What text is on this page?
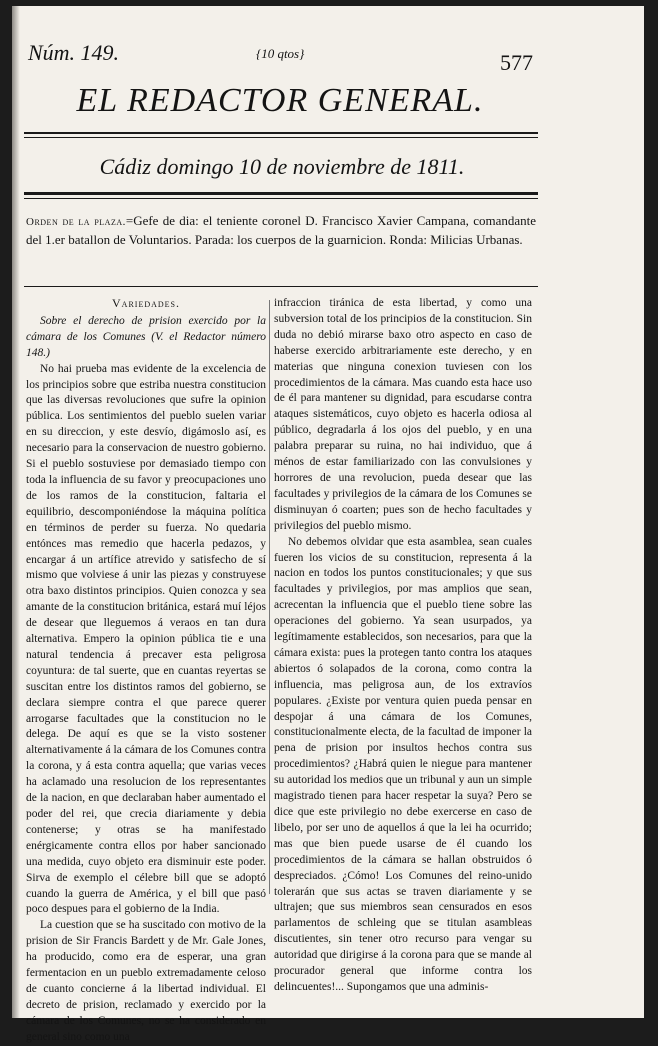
Núm. 149.	{10 qtos}	577
EL REDACTOR GENERAL.
Cádiz domingo 10 de noviembre de 1811.
Orden de la plaza.=Gefe de dia: el teniente coronel D. Francisco Xavier Campana, comandante del 1.er batallon de Voluntarios. Parada: los cuerpos de la guarnicion. Ronda: Milicias Urbanas.
Variedades.

Sobre el derecho de prision exercido por la cámara de los Comunes (V. el Redactor número 148.)

No hai prueba mas evidente de la excelencia de los principios sobre que estriba nuestra constitucion que las diversas revoluciones que sufre la opinion pública. Los sentimientos del pueblo suelen variar en su direccion, y este desvío, digámoslo así, es necesario para la conservacion de nuestro gobierno. Si el pueblo sostuviese por demasiado tiempo con toda la influencia de su favor y preocupaciones uno de los ramos de la constitucion, faltaria el equilibrio, descomponiéndose la máquina política en términos de perder su fuerza. No quedaria entónces mas remedio que hacerla pedazos, y encargar á un artífice atrevido y satisfecho de sí mismo que volviese á unir las piezas y construyese otra baxo distintos principios. Quien conozca y sea amante de la constitucion británica, estará muí léjos de desear que lleguemos á veraos en tan dura alternativa. Empero la opinion pública tie e una natural tendencia á precaver esta peligrosa coyuntura: de tal suerte, que en cuantas reyertas se suscitan entre los distintos ramos del gobierno, se declara siempre contra el que parece querer arrogarse facultades que la constitucion no le delega. De aquí es que se la visto sostener alternativamente á la cámara de los Comunes contra la corona, y á esta contra aquella; que varias veces ha aclamado una resolucion de los representantes de la nacion, en que declaraban haber aumentado el poder del rei, que crecia diariamente y debia contenerse; y otras se ha manifestado enérgicamente contra ellos por haber sancionado una medida, cuyo objeto era disminuir este poder. Sirva de exemplo el célebre bill que se adoptó cuando la guerra de América, y el bill que pasó poco despues para el gobierno de la India.

La cuestion que se ha suscitado con motivo de la prision de Sir Francis Bardett y de Mr. Gale Jones, ha producido, como era de esperar, una gran fermentacion en un pueblo extremadamente celoso de cuanto concierne á la libertad individual. El decreto de prision, reclamado y exercido por la cámara de los Comunes, no se ha considerado en general sino como una

infraccion tiránica de esta libertad, y como una subversion total de los principios de la constitucion. Sin duda no debió mirarse baxo otro aspecto en caso de haberse exercido arbitrariamente este derecho, y en materias que ninguna conexion tuviesen con los procedimientos de la cámara. Mas cuando esta hace uso de él para mantener su dignidad, para escudarse contra ataques sistemáticos, cuyo objeto es hacerla odiosa al público, degradarla á los ojos del pueblo, y en una palabra preparar su ruina, no hai individuo, que á ménos de estar familiarizado con las convulsiones y horrores de una revolucion, pueda desear que las facultades y privilegios de la cámara de los Comunes se disminuyan ó coarten; pues son de hecho facultades y privilegios del pueblo mismo.

No debemos olvidar que esta asamblea, sean cuales fueren los vicios de su constitucion, representa á la nacion en todos los puntos constitucionales; y que sus facultades y privilegios, por mas amplios que sean, acrecentan la influencia que el pueblo tiene sobre las operaciones del gobierno. Ya sean usurpados, ya legítimamente establecidos, son necesarios, para que la cámara exista: pues la protegen tanto contra los ataques abiertos ó solapados de la corona, como contra la influencia, mas peligrosa aun, de los extravíos populares. ¿Existe por ventura quien pueda pensar en despojar á una cámara de los Comunes, constitucionalmente electa, de la facultad de imponer la pena de prision por insultos hechos contra sus procedimientos? ¿Habrá quien le niegue para mantener su autoridad los medios que un tribunal y aun un simple magistrado tienen para hacer respetar la suya? Pero se dice que este privilegio no debe exercerse en caso de libelo, por ser uno de aquellos á que la lei ha ocurrido; mas que bien puede usarse de él cuando los procedimientos de la cámara se hallan obstruidos ó despreciados. ¿Cómo! Los Comunes del reino-unido tolerarán que sus actas se traven diariamente y se ultrajen; que sus miembros sean censurados en esos parlamentos de schleing que se titulan asambleas discutientes, sin tener otro recurso para vengar su autoridad que dirigirse á la corona para que se mande al procurador general que informe contra los delincuentes!... Supongamos que una adminis-
